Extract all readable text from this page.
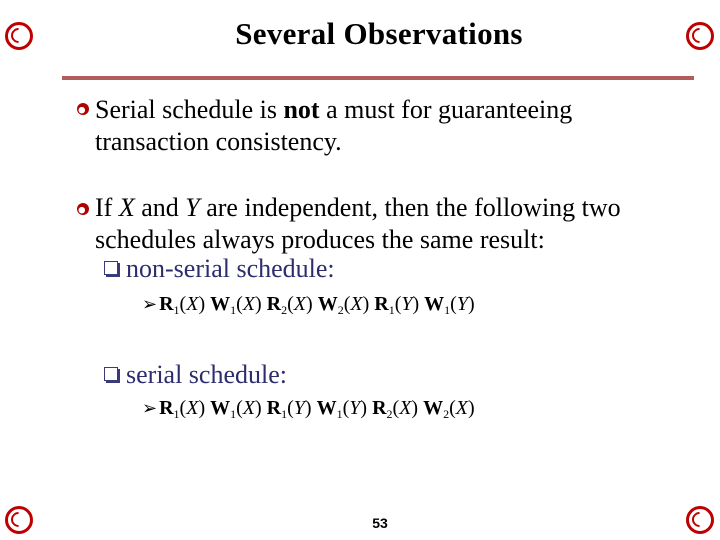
Several Observations
Serial schedule is not a must for guaranteeing transaction consistency.
If X and Y are independent, then the following two schedules always produces the same result:
non-serial schedule:
➢ $R_1(X)$ $W_1(X)$ $R_2(X)$ $W_2(X)$ $R_1(Y)$ $W_1(Y)$
serial schedule:
➢ $R_1(X)$ $W_1(X)$ $R_1(Y)$ $W_1(Y)$ $R_2(X)$ $W_2(X)$
53
